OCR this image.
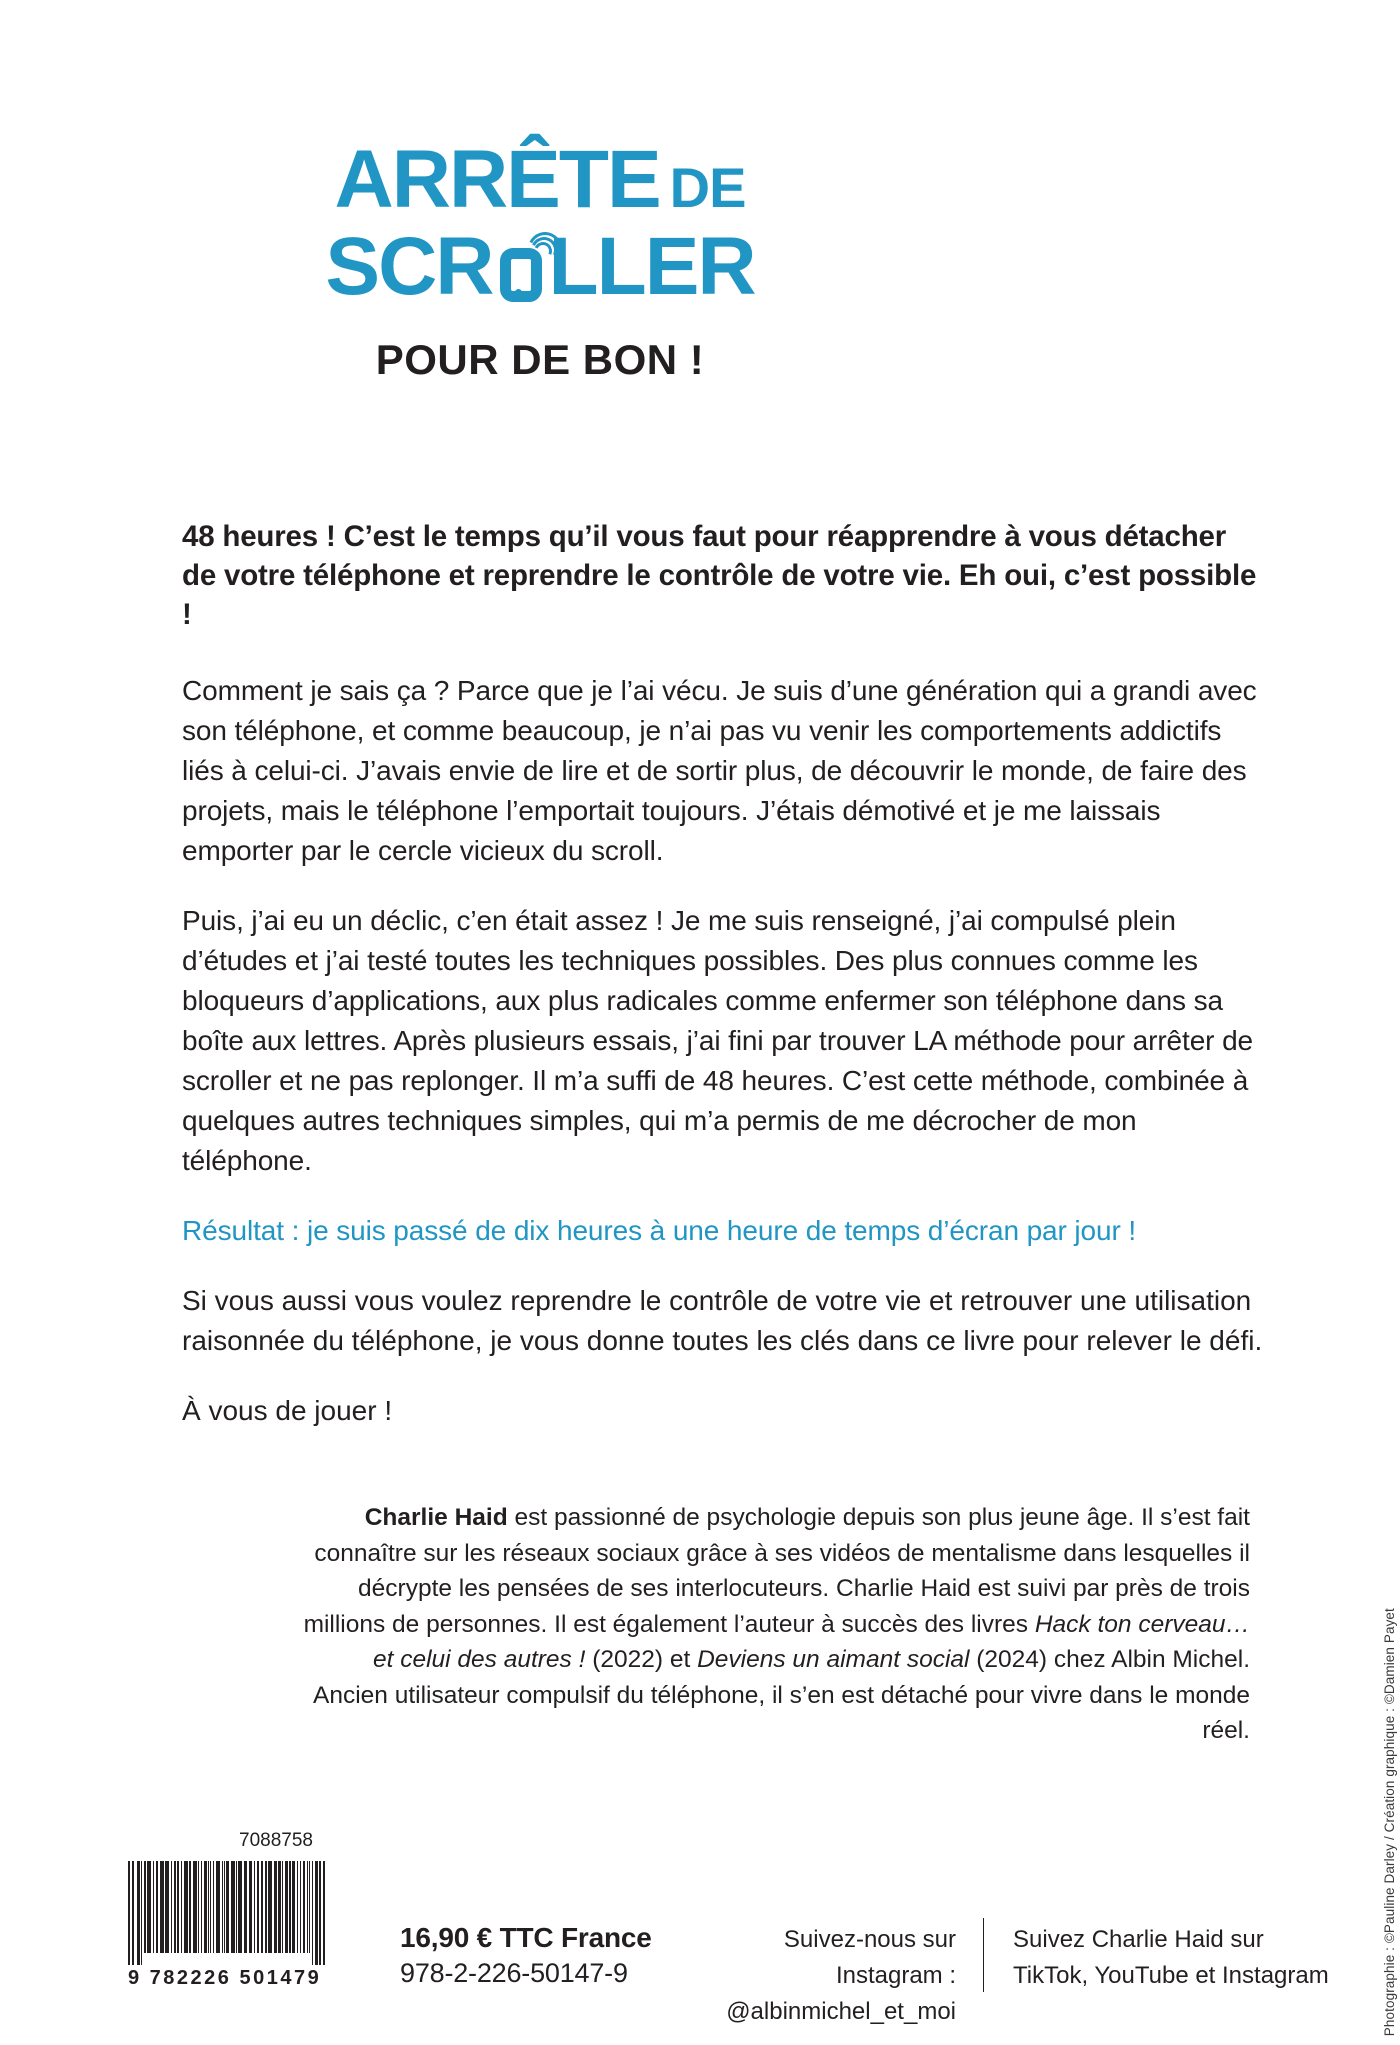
ARRÊTE DE
SCR LLER
POUR DE BON !

48 heures ! C’est le temps qu’il vous faut pour réapprendre à vous détacher de votre téléphone et reprendre le contrôle de votre vie. Eh oui, c’est possible !

Comment je sais ça ? Parce que je l’ai vécu. Je suis d’une génération qui a grandi avec son téléphone, et comme beaucoup, je n’ai pas vu venir les comportements addictifs liés à celui-ci. J’avais envie de lire et de sortir plus, de découvrir le monde, de faire des projets, mais le téléphone l’emportait toujours. J’étais démotivé et je me laissais emporter par le cercle vicieux du scroll.

Puis, j’ai eu un déclic, c’en était assez ! Je me suis renseigné, j’ai compulsé plein d’études et j’ai testé toutes les techniques possibles. Des plus connues comme les bloqueurs d’applications, aux plus radicales comme enfermer son téléphone dans sa boîte aux lettres. Après plusieurs essais, j’ai fini par trouver LA méthode pour arrêter de scroller et ne pas replonger. Il m’a suffi de 48 heures. C’est cette méthode, combinée à quelques autres techniques simples, qui m’a permis de me décrocher de mon téléphone.

Résultat : je suis passé de dix heures à une heure de temps d’écran par jour !

Si vous aussi vous voulez reprendre le contrôle de votre vie et retrouver une utilisation raisonnée du téléphone, je vous donne toutes les clés dans ce livre pour relever le défi.

À vous de jouer !

Charlie Haid est passionné de psychologie depuis son plus jeune âge. Il s’est fait connaître sur les réseaux sociaux grâce à ses vidéos de mentalisme dans lesquelles il décrypte les pensées de ses interlocuteurs. Charlie Haid est suivi par près de trois millions de personnes. Il est également l’auteur à succès des livres Hack ton cerveau… et celui des autres ! (2022) et Deviens un aimant social (2024) chez Albin Michel. Ancien utilisateur compulsif du téléphone, il s’en est détaché pour vivre dans le monde réel.	Photographie : ©Pauline Darley / Création graphique : ©Damien Payet
7088758
9 782226 501479
16,90 € TTC France
978-2-226-50147-9
Suivez-nous sur Instagram :
@albinmichel_et_moi
Suivez Charlie Haid sur
TikTok, YouTube et Instagram
